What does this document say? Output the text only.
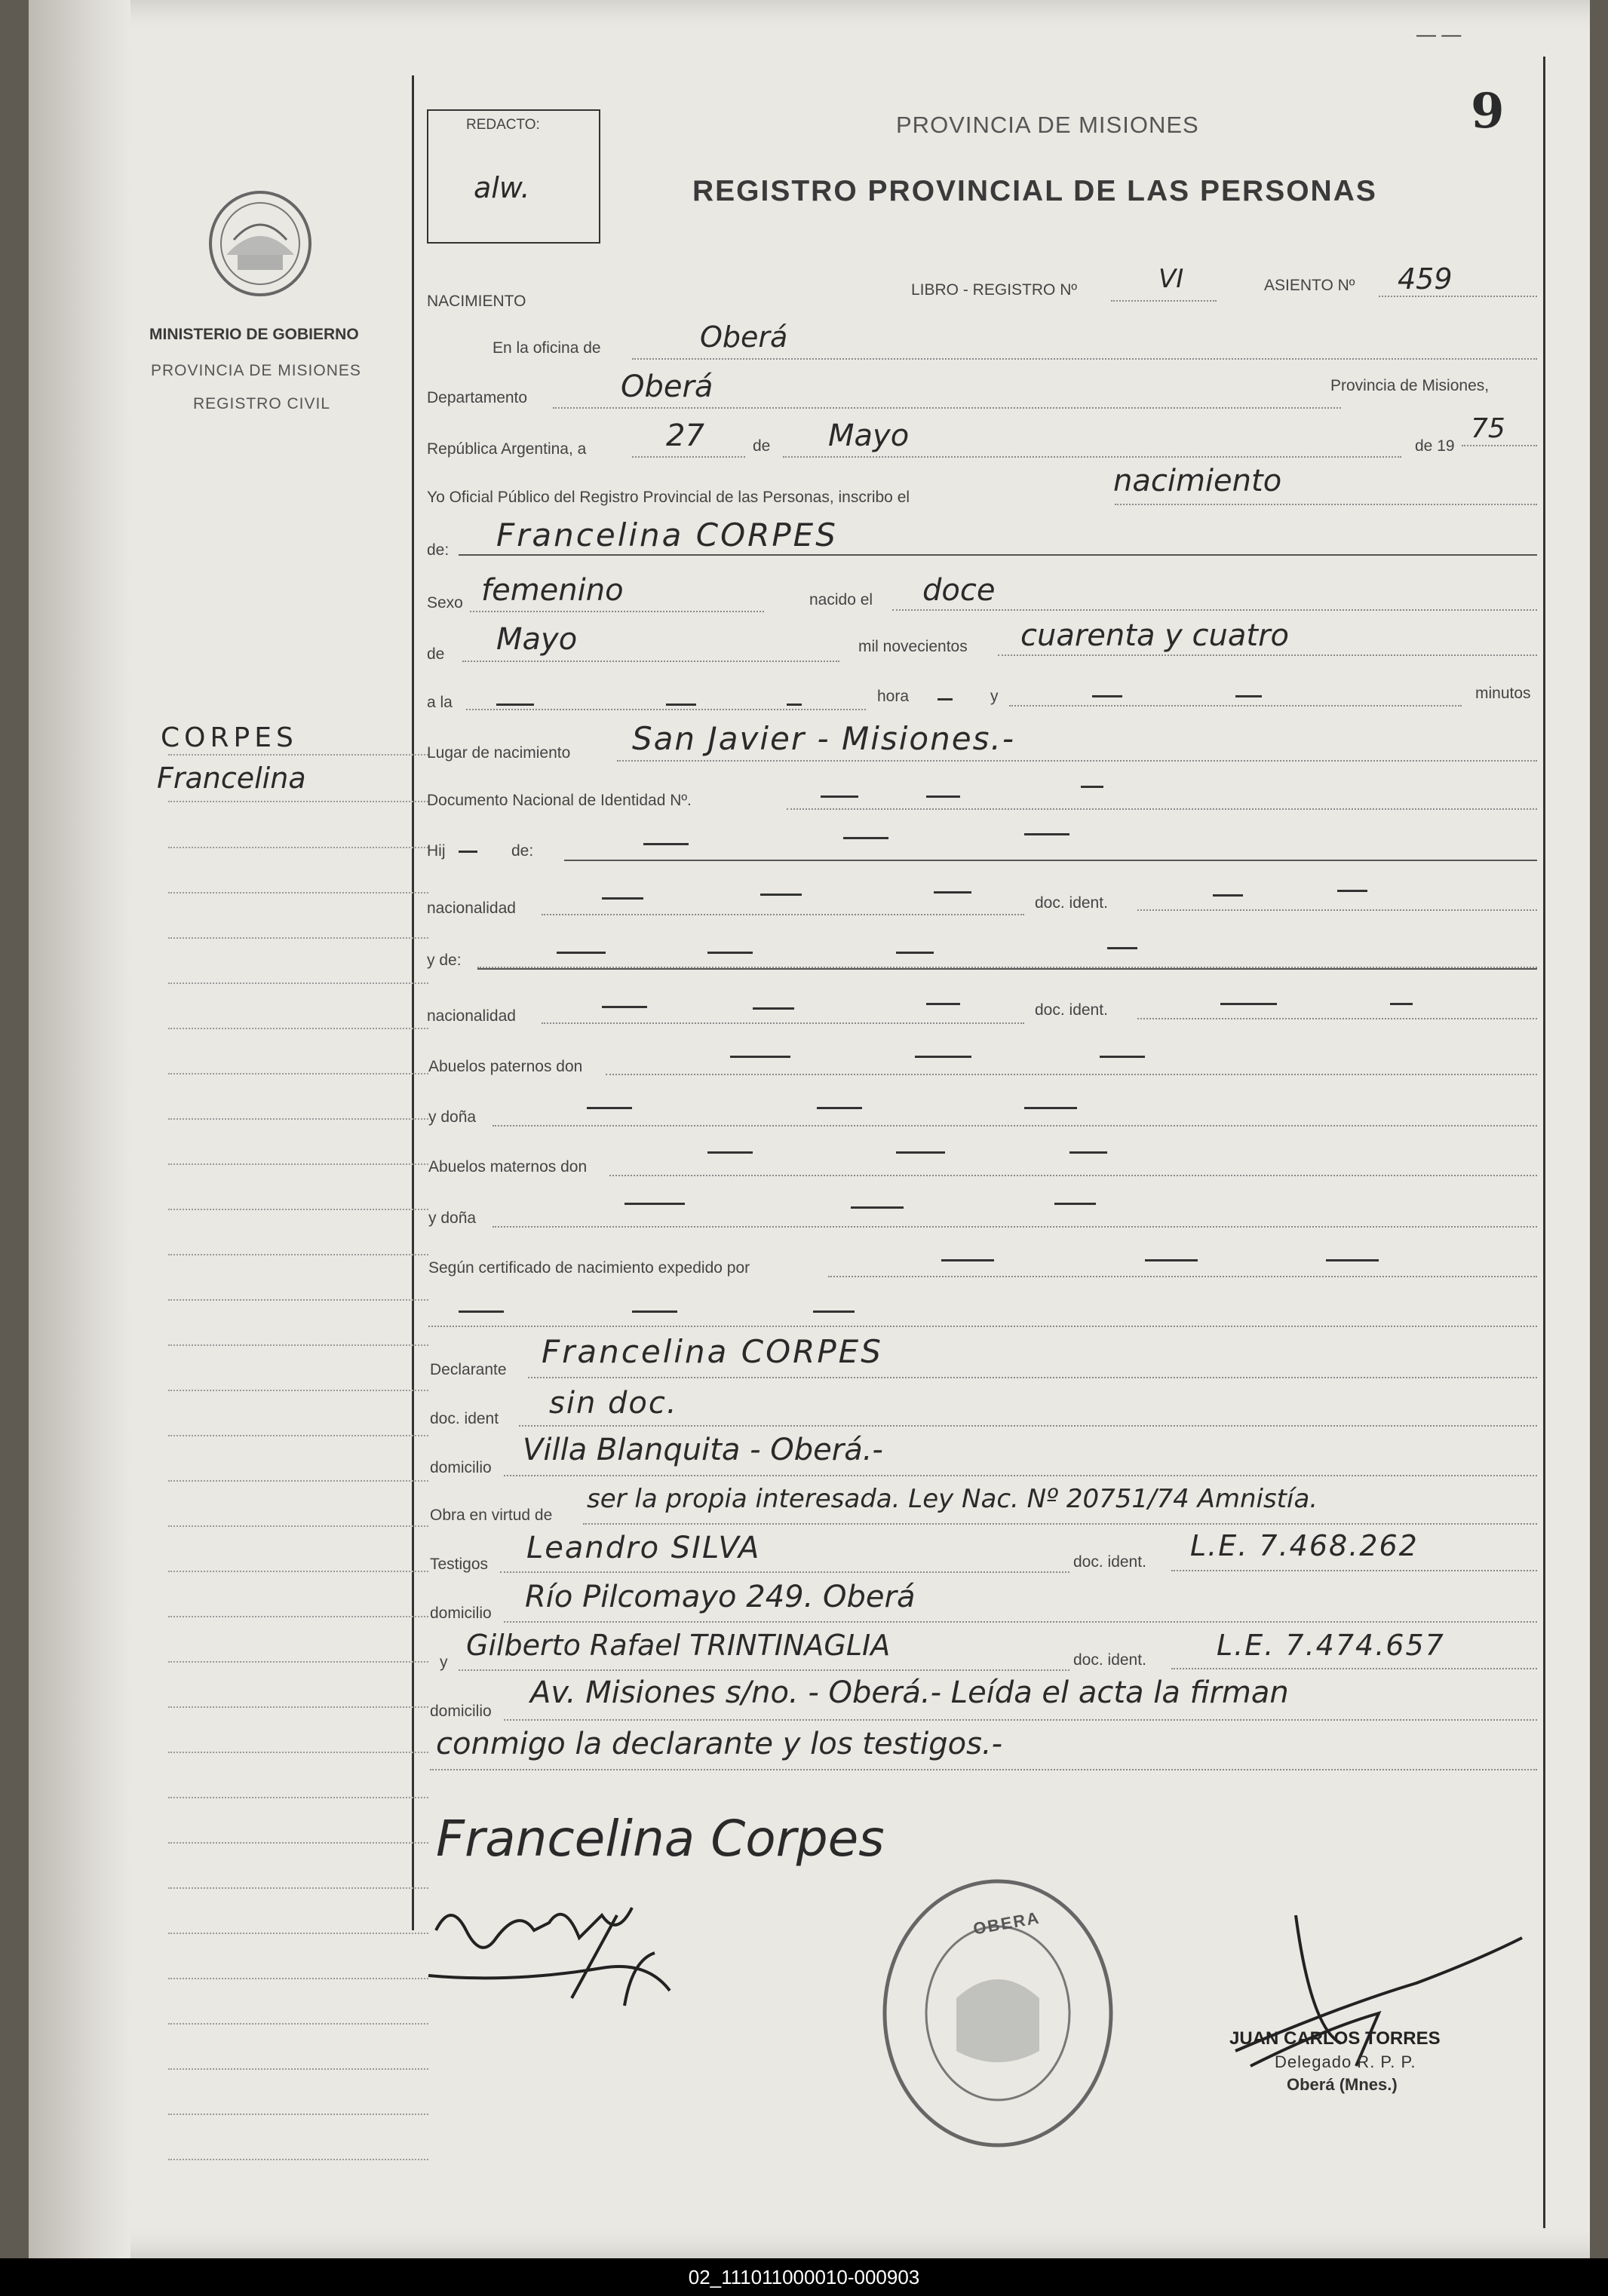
— —
9
REDACTO:
alw.
PROVINCIA DE MISIONES
REGISTRO PROVINCIAL DE LAS PERSONAS
MINISTERIO DE GOBIERNO
PROVINCIA DE MISIONES
REGISTRO CIVIL
CORPES
Francelina
NACIMIENTO
LIBRO - REGISTRO Nº	VI	ASIENTO Nº 459
En la oficina de	Oberá
Departamento	Oberá	Provincia de Misiones,
República Argentina, a	27	de Mayo	de 19
75
Yo Oficial Público del Registro Provincial de las Personas, inscribo el	nacimiento
de: Francelina CORPES
Sexo femenino	nacido el doce
de Mayo	mil novecientos cuarenta y cuatro
a la	hora	y	minutos
Lugar de nacimiento San Javier - Misiones.-
Documento Nacional de Identidad Nº.
Hij	de:
nacionalidad	doc. ident.
y de:
nacionalidad	doc. ident.
Abuelos paternos don
y doña
Abuelos maternos don
y doña
Según certificado de nacimiento expedido por
Declarante Francelina CORPES
doc. ident sin doc.
domicilio
Villa Blanquita - Oberá.-
Obra en virtud de
ser la propia interesada. Ley Nac. Nº 20751/74 Amnistía.
Testigos Leandro SILVA	doc. ident. L.E. 7.468.262
domicilio Río Pilcomayo 249. Oberá
y
Gilberto Rafael TRINTINAGLIA	doc. ident. L.E. 7.474.657
domicilio
Av. Misiones s/no. - Oberá.- Leída el acta la firman
conmigo la declarante y los testigos.-
Francelina Corpes
OBERA
JUAN CARLOS TORRES
Delegado R. P. P.
Oberá (Mnes.)
02_111011000010-000903
